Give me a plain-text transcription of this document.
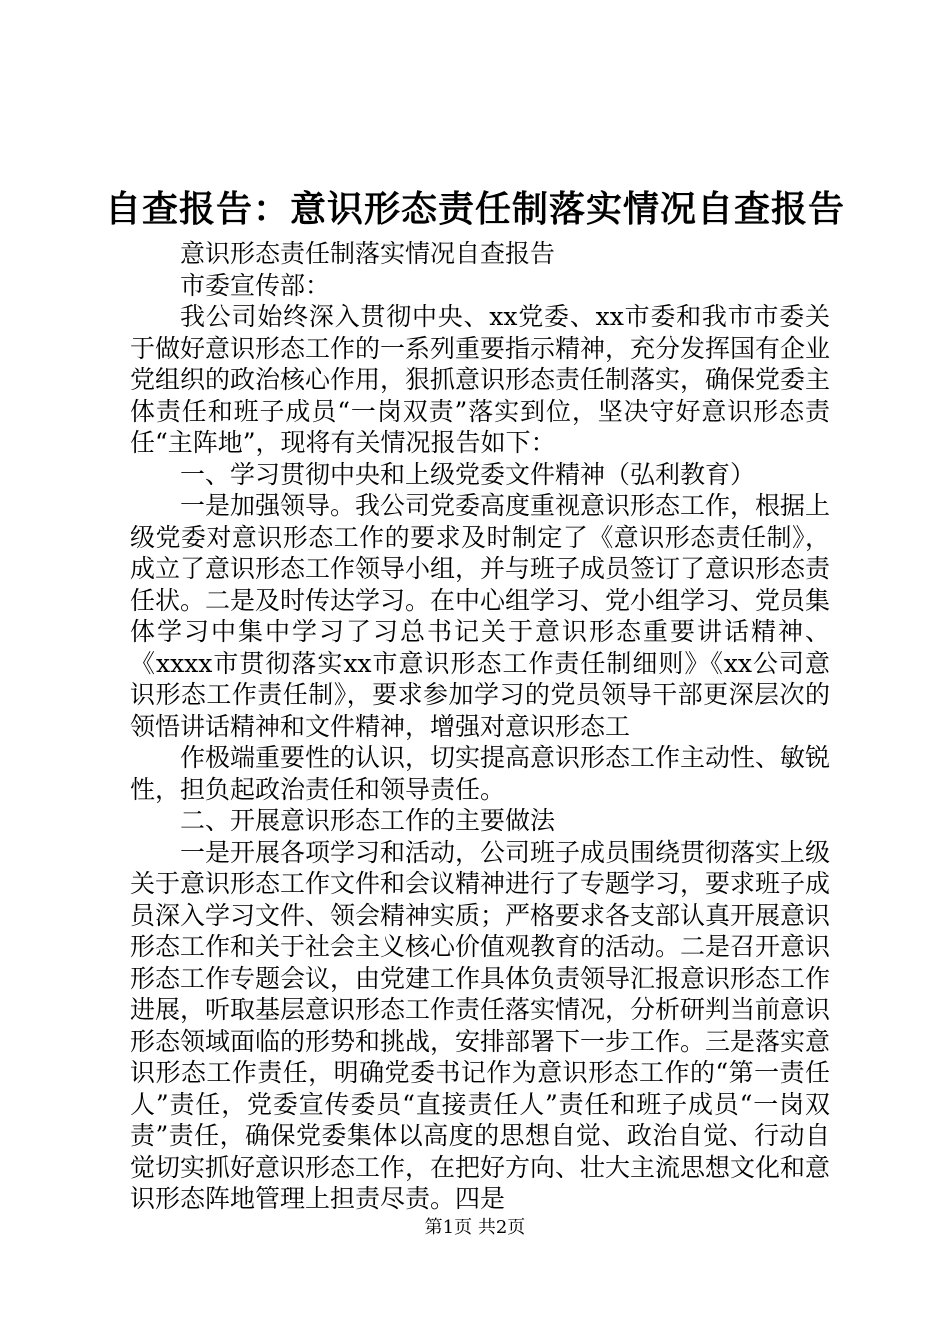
自查报告：意识形态责任制落实情况自查报告

意识形态责任制落实情况自查报告

市委宣传部：

我公司始终深入贯彻中央、xx党委、xx市委和我市市委关于做好意识形态工作的一系列重要指示精神，充分发挥国有企业党组织的政治核心作用，狠抓意识形态责任制落实，确保党委主体责任和班子成员“一岗双责”落实到位，坚决守好意识形态责任“主阵地”，现将有关情况报告如下：

一、学习贯彻中央和上级党委文件精神（弘利教育）

一是加强领导。我公司党委高度重视意识形态工作，根据上级党委对意识形态工作的要求及时制定了《意识形态责任制》，成立了意识形态工作领导小组，并与班子成员签订了意识形态责任状。二是及时传达学习。在中心组学习、党小组学习、党员集体学习中集中学习了习总书记关于意识形态重要讲话精神、《xxxx市贯彻落实xx市意识形态工作责任制细则》《xx公司意识形态工作责任制》，要求参加学习的党员领导干部更深层次的领悟讲话精神和文件精神，增强对意识形态工

作极端重要性的认识，切实提高意识形态工作主动性、敏锐性，担负起政治责任和领导责任。

二、开展意识形态工作的主要做法

一是开展各项学习和活动，公司班子成员围绕贯彻落实上级关于意识形态工作文件和会议精神进行了专题学习，要求班子成员深入学习文件、领会精神实质；严格要求各支部认真开展意识形态工作和关于社会主义核心价值观教育的活动。二是召开意识形态工作专题会议，由党建工作具体负责领导汇报意识形态工作进展，听取基层意识形态工作责任落实情况，分析研判当前意识形态领域面临的形势和挑战，安排部署下一步工作。三是落实意识形态工作责任，明确党委书记作为意识形态工作的“第一责任人”责任，党委宣传委员“直接责任人”责任和班子成员“一岗双责”责任，确保党委集体以高度的思想自觉、政治自觉、行动自觉切实抓好意识形态工作，在把好方向、壮大主流思想文化和意识形态阵地管理上担责尽责。四是

第1页 共2页
